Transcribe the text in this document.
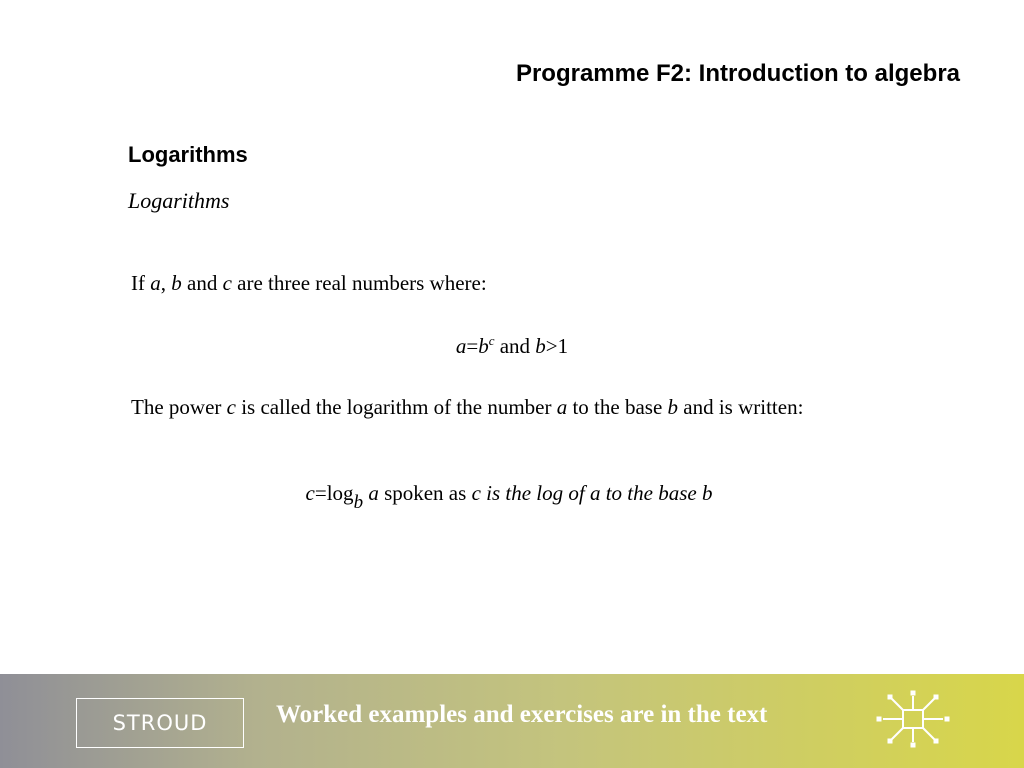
Programme F2: Introduction to algebra
Logarithms
Logarithms
If a, b and c are three real numbers where:
$a=b^c$ and b>1
The power c is called the logarithm of the number a to the base b and is written:
$c=\log_b$ a spoken as c is the log of a to the base b
STROUD	Worked examples and exercises are in the text
